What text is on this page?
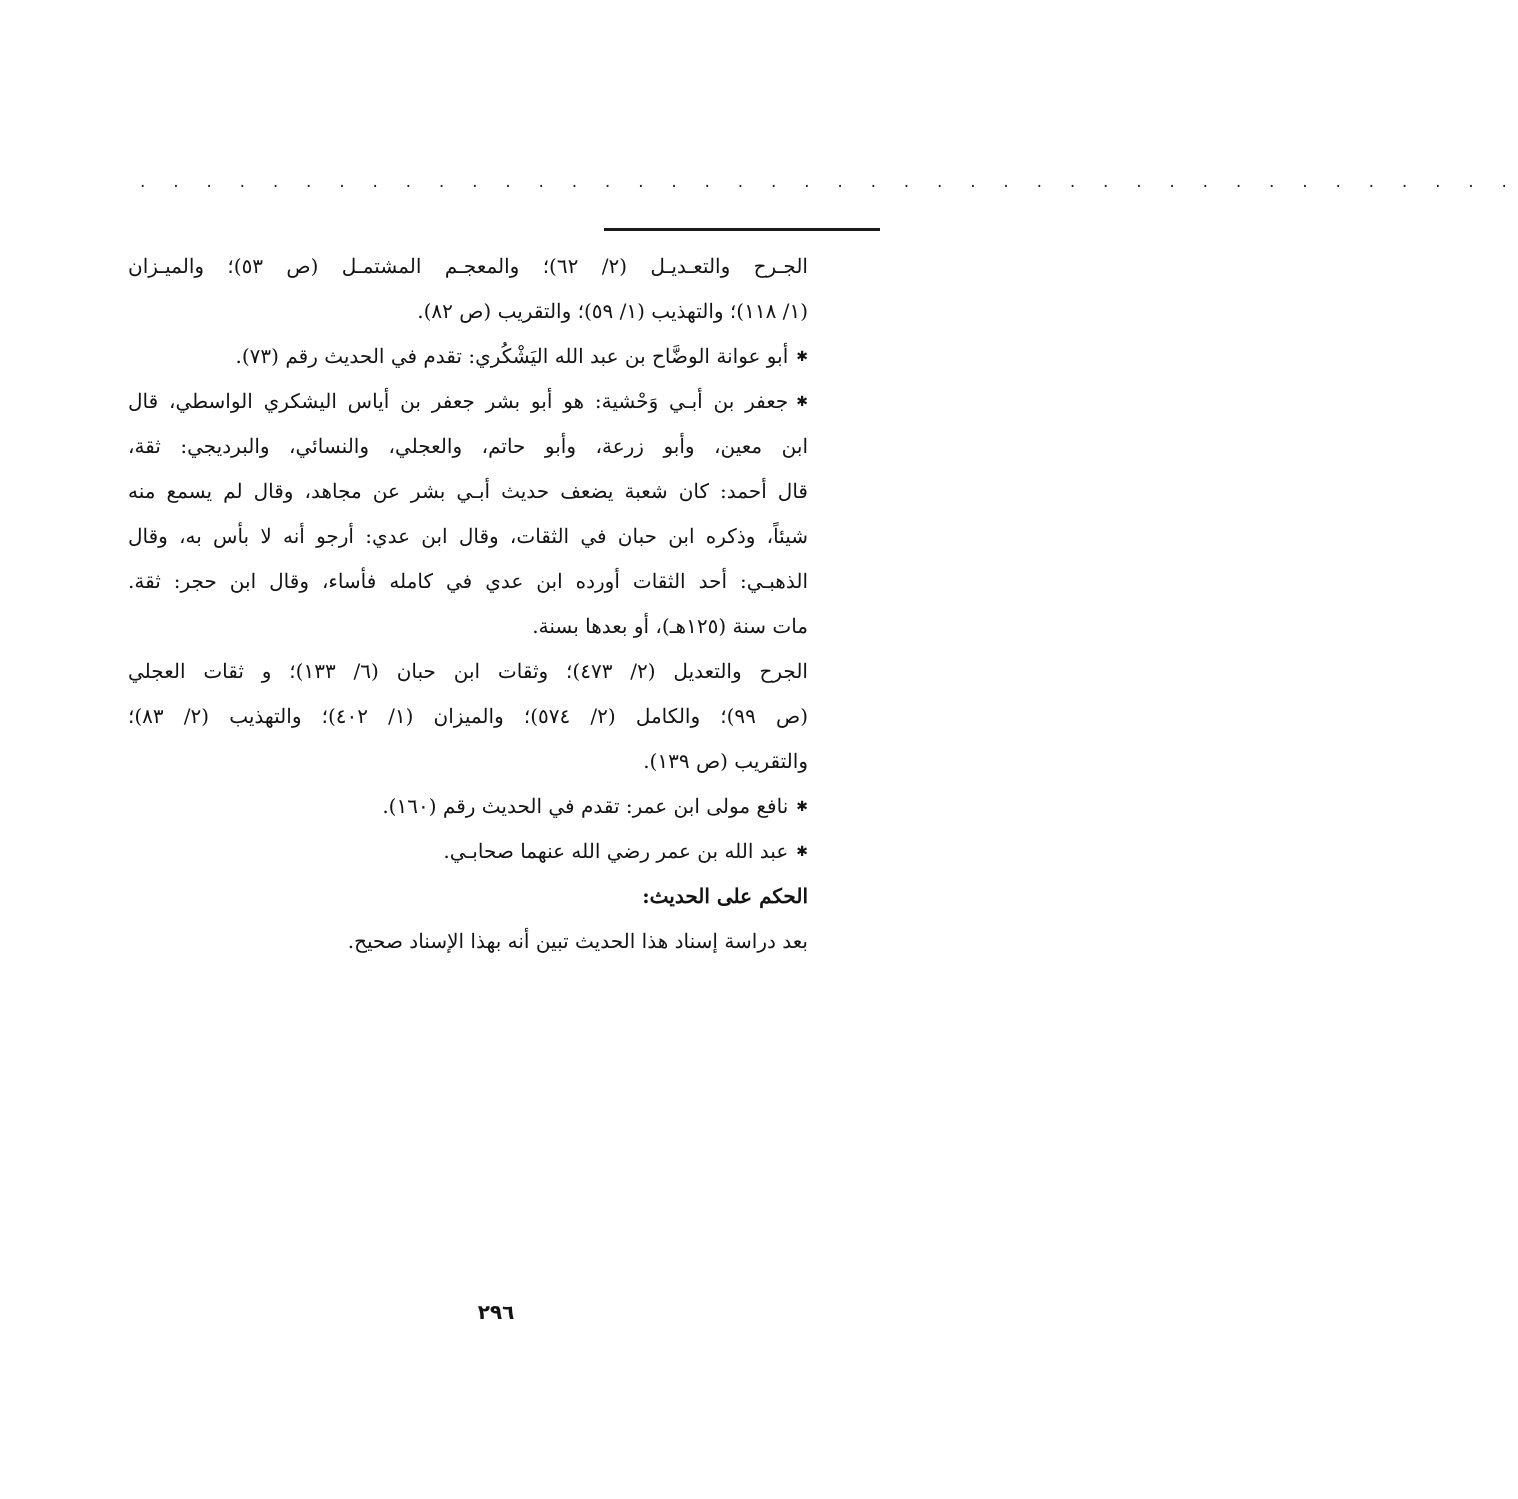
. . . . . . . . . . . . . . . . . . . . . . . . . . . . . . . . . . . . . . . . . .
الجـرح والتعـديـل (٢/ ٦٢)؛ والمعجـم المشتمـل (ص ٥٣)؛ والميـزان
(١/ ١١٨)؛ والتهذيب (١/ ٥٩)؛ والتقريب (ص ٨٢).
✱أبو عوانة الوضَّاح بن عبد الله اليَشْكُري: تقدم في الحديث رقم (٧٣).
✱جعفر بن أبـي وَحْشية: هو أبو بشر جعفر بن أياس اليشكري الواسطي، قال
ابن معين، وأبو زرعة، وأبو حاتم، والعجلي، والنسائي، والبرديجي: ثقة،
قال أحمد: كان شعبة يضعف حديث أبـي بشر عن مجاهد، وقال لم يسمع منه
شيئاً، وذكره ابن حبان في الثقات، وقال ابن عدي: أرجو أنه لا بأس به، وقال
الذهبـي: أحد الثقات أورده ابن عدي في كامله فأساء، وقال ابن حجر: ثقة.
مات سنة (١٢٥هـ)، أو بعدها بسنة.
الجرح والتعديل (٢/ ٤٧٣)؛ وثقات ابن حبان (٦/ ١٣٣)؛ و ثقات العجلي
(ص ٩٩)؛ والكامل (٢/ ٥٧٤)؛ والميزان (١/ ٤٠٢)؛ والتهذيب (٢/ ٨٣)؛
والتقريب (ص ١٣٩).
✱نافع مولى ابن عمر: تقدم في الحديث رقم (١٦٠).
✱عبد الله بن عمر رضي الله عنهما صحابـي.
الحكم على الحديث:
بعد دراسة إسناد هذا الحديث تبين أنه بهذا الإسناد صحيح.
٢٩٦
